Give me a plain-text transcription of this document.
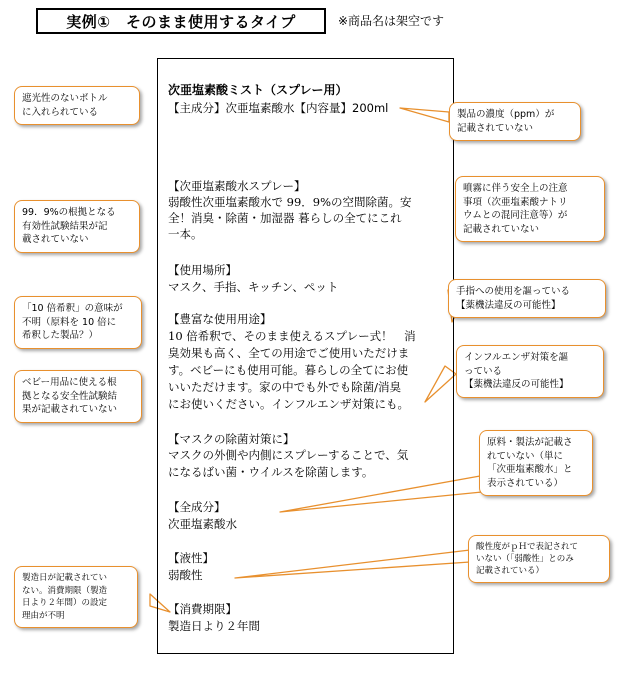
実例①　そのまま使用するタイプ	※商品名は架空です
次亜塩素酸ミスト（スプレー用）
【主成分】次亜塩素酸水【内容量】200ml
【次亜塩素酸水スプレー】
弱酸性次亜塩素酸水で 99．9%の空間除菌。安
全！消臭・除菌・加湿器 暮らしの全てにこれ
一本。
【使用場所】
マスク、手指、キッチン、ペット
【豊富な使用用途】
10 倍希釈で、そのまま使えるスプレー式！　消
臭効果も高く、全ての用途でご使用いただけま
す。ベビーにも使用可能。暮らしの全てにお使
いいただけます。家の中でも外でも除菌/消臭
にお使いください。インフルエンザ対策にも。
【マスクの除菌対策に】
マスクの外側や内側にスプレーすることで、気
になるばい菌・ウイルスを除菌します。
【全成分】
次亜塩素酸水
【液性】
弱酸性
【消費期限】
製造日より２年間
遮光性のないボトル
に入れられている	製品の濃度（ppm）が
記載されていない
噴霧に伴う安全上の注意
事項（次亜塩素酸ナトリ
ウムとの混同注意等）が
記載されていない
99．9%の根拠となる
有効性試験結果が記
載されていない
手指への使用を謳っている
【薬機法違反の可能性】
「10 倍希釈」の意味が
不明（原料を 10 倍に
希釈した製品？）
インフルエンザ対策を謳
っている
【薬機法違反の可能性】
ベビー用品に使える根
拠となる安全性試験結
果が記載されていない
原料・製法が記載さ
れていない（単に
「次亜塩素酸水」と
表示されている）
酸性度がｐＨで表記されて
いない（「弱酸性」とのみ
記載されている）
製造日が記載されてい
ない。消費期限（製造
日より２年間）の設定
理由が不明
